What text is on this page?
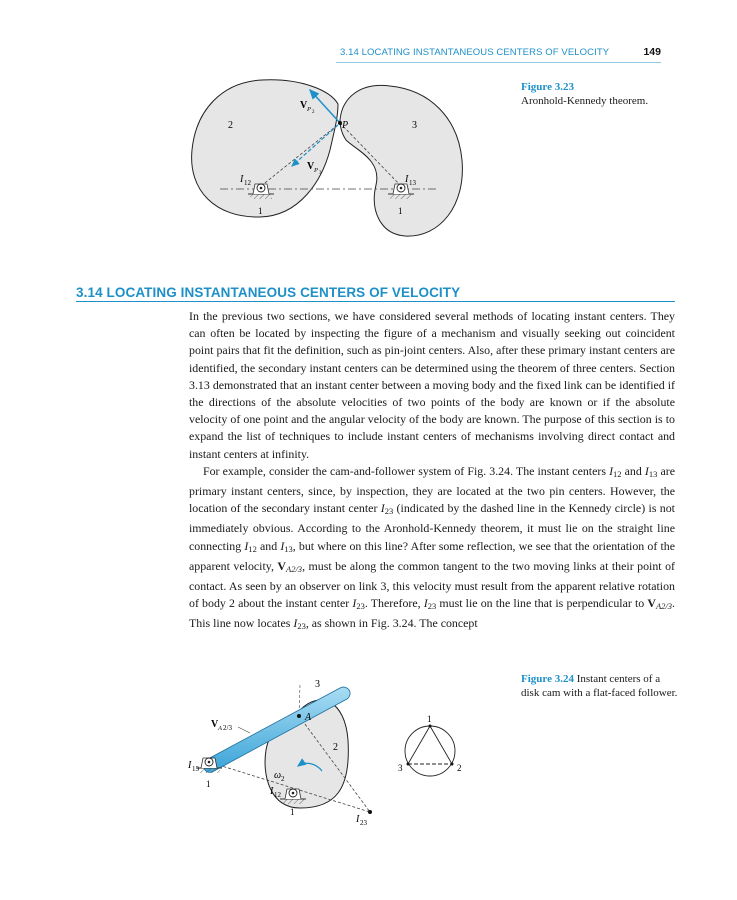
3.14 LOCATING INSTANTANEOUS CENTERS OF VELOCITY	149
2	3
P
1	1
V P 2
V P 3
I 12	I 13
Figure 3.23
Aronhold-Kennedy theorem.
3.14 LOCATING INSTANTANEOUS CENTERS OF VELOCITY

In the previous two sections, we have considered several methods of locating instant centers. They can often be located by inspecting the figure of a mechanism and visually seeking out coincident point pairs that fit the definition, such as pin-joint centers. Also, after these primary instant centers are identified, the secondary instant centers can be determined using the theorem of three centers. Section 3.13 demonstrated that an instant center between a moving body and the fixed link can be identified if the directions of the absolute velocities of two points of the body are known or if the absolute velocity of one point and the angular velocity of the body are known. The purpose of this section is to expand the list of techniques to include instant centers of mechanisms involving direct contact and instant centers at infinity.

For example, consider the cam-and-follower system of Fig. 3.24. The instant centers $I_{12}$ and $I_{13}$ are primary instant centers, since, by inspection, they are located at the two pin centers. However, the location of the secondary instant center $I_{23}$ (indicated by the dashed line in the Kennedy circle) is not immediately obvious. According to the Aronhold-Kennedy theorem, it must lie on the straight line connecting $I_{12}$ and $I_{13}$, but where on this line? After some reflection, we see that the orientation of the apparent velocity, $V_{A2/3}$, must be along the common tangent to the two moving links at their point of contact. As seen by an observer on link 3, this velocity must result from the apparent relative rotation of body 2 about the instant center $I_{23}$. Therefore, $I_{23}$ must lie on the line that is perpendicular to $V_{A2/3}$. This line now locates $I_{23}$, as shown in Fig. 3.24. The concept

3
A
2
1
1
V A 2/3
I 13
I 12
I 23
ω 2
1
2
3
Figure 3.24 Instant centers of a disk cam with a flat-faced follower.
